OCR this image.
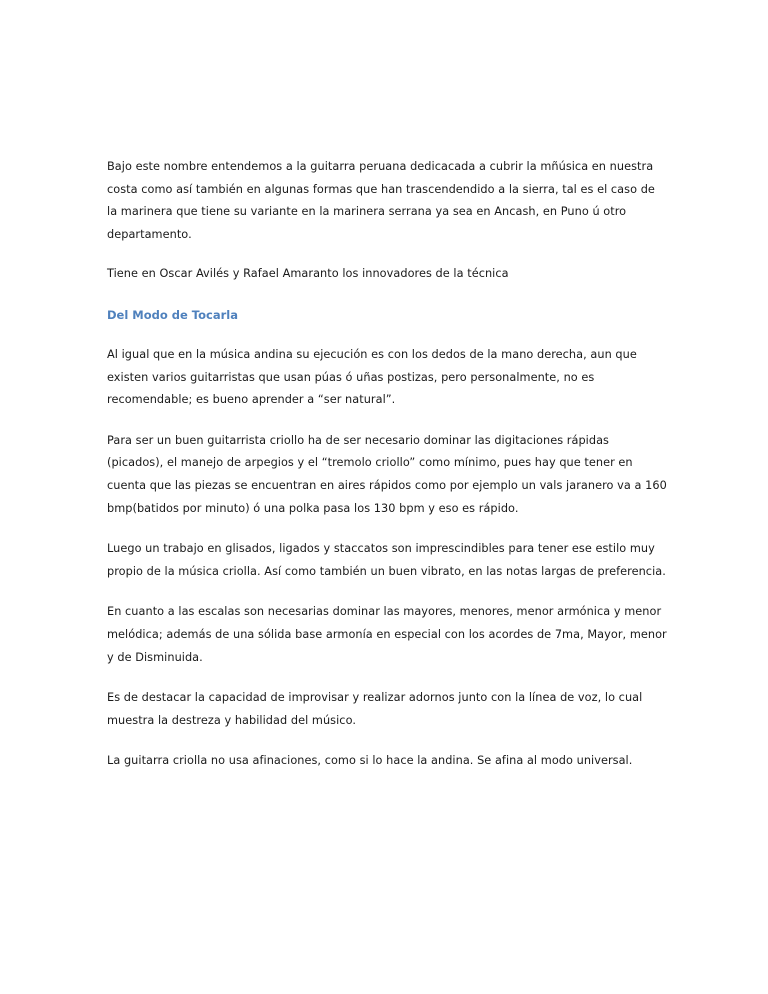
Bajo este nombre entendemos a la guitarra peruana dedicacada a cubrir la mñúsica en nuestra costa como así también en algunas formas que han trascendendido a la sierra, tal es el caso de la marinera que tiene su variante en la marinera serrana ya sea en Ancash, en Puno ú otro departamento.

Tiene en Oscar Avilés y Rafael Amaranto los innovadores de la técnica

Del Modo de Tocarla

Al igual que en la música andina su ejecución es con los dedos de la mano derecha, aun que existen varios guitarristas que usan púas ó uñas postizas, pero personalmente, no es recomendable; es bueno aprender a “ser natural”.

Para ser un buen guitarrista criollo ha de ser necesario dominar las digitaciones rápidas (picados), el manejo de arpegios y el “tremolo criollo” como mínimo, pues hay que tener en cuenta que las piezas se encuentran en aires rápidos como por ejemplo un vals jaranero va a 160 bmp(batidos por minuto) ó una polka pasa los 130 bpm y eso es rápido.

Luego un trabajo en glisados, ligados y staccatos son imprescindibles para tener ese estilo muy propio de la música criolla. Así como también un buen vibrato, en las notas largas de preferencia.

En cuanto a las escalas son necesarias dominar las mayores, menores, menor armónica y menor melódica; además de una sólida base armonía en especial con los acordes de 7ma, Mayor, menor y de Disminuida.

Es de destacar la capacidad de improvisar y realizar adornos junto con la línea de voz, lo cual muestra la destreza y habilidad del músico.

La guitarra criolla no usa afinaciones, como si lo hace la andina. Se afina al modo universal.
